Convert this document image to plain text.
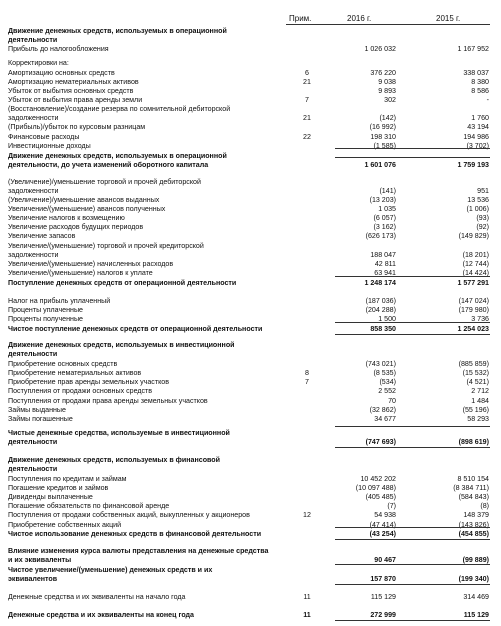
Прим.	2016 г.	2015 г.
Движение денежных средств, используемых в операционной
деятельности
Прибыль до налогообложения	1 026 032	1 167 952
Корректировки на:
Амортизацию основных средств	6	376 220	338 037
Амортизацию нематериальных активов	21	9 038	8 380
Убыток от выбытия основных средств	9 893	8 586
Убыток от выбытия права аренды земли	7	302	-
(Восстановление)/создание резерва по сомнительной дебиторской
задолженности	21	(142)	1 760
(Прибыль)/убыток по курсовым разницам	(16 992)	43 194
Финансовые расходы	22	198 310	194 986
Инвестиционные доходы	(1 585)	(3 702)
Движение денежных средств, используемых в операционной
деятельности, до учета изменений оборотного капитала	1 601 076	1 759 193
(Увеличение)/уменьшение торговой и прочей дебиторской
задолженности	(141)	951
(Увеличение)/уменьшение авансов выданных	(13 203)	13 536
Увеличение/(уменьшение) авансов полученных	1 035	(1 006)
Увеличение налогов к возмещению	(6 057)	(93)
Увеличение расходов будущих периодов	(3 162)	(92)
Увеличение запасов	(626 173)	(149 829)
Увеличение/(уменьшение) торговой и прочей кредиторской
задолженности	188 047	(18 201)
Увеличение/(уменьшение) начисленных расходов	42 811	(12 744)
Увеличение/(уменьшение) налогов к уплате	63 941	(14 424)
Поступление денежных средств от операционной деятельности	1 248 174	1 577 291
Налог на прибыль уплаченный	(187 036)	(147 024)
Проценты уплаченные	(204 288)	(179 980)
Проценты полученные	1 500	3 736
Чистое поступление денежных средств от операционной деятельности	858 350	1 254 023
Движение денежных средств, используемых в инвестиционной
деятельности
Приобретение основных средств	(743 021)	(885 859)
Приобретение нематериальных активов	8	(8 535)	(15 532)
Приобретение прав аренды земельных участков	7	(534)	(4 521)
Поступления от продажи основных средств	2 552	2 712
Поступления от продажи права аренды земельных участков	70	1 484
Займы выданные	(32 862)	(55 196)
Займы погашенные	34 677	58 293
Чистые денежные средства, используемые в инвестиционной
деятельности	(747 693)	(898 619)
Движение денежных средств, используемых в финансовой
деятельности
Поступления по кредитам и займам	10 452 202	8 510 154
Погашение кредитов и займов	(10 097 488)	(8 384 711)
Дивиденды выплаченные	(405 485)	(584 843)
Погашение обязательств по финансовой аренде	(7)	(8)
Поступления от продажи собственных акций, выкупленных у акционеров	12	54 938	148 379
Приобретение собственных акций	(47 414)	(143 826)
Чистое использование денежных средств в финансовой деятельности	(43 254)	(454 855)
Влияние изменения курса валюты представления на денежные средства
и их эквиваленты	90 467	(99 889)
Чистое увеличение/(уменьшение) денежных средств и их
эквивалентов	157 870	(199 340)
Денежные средства и их эквиваленты на начало года	11	115 129	314 469
Денежные средства и их эквиваленты на конец года	11	272 999	115 129
